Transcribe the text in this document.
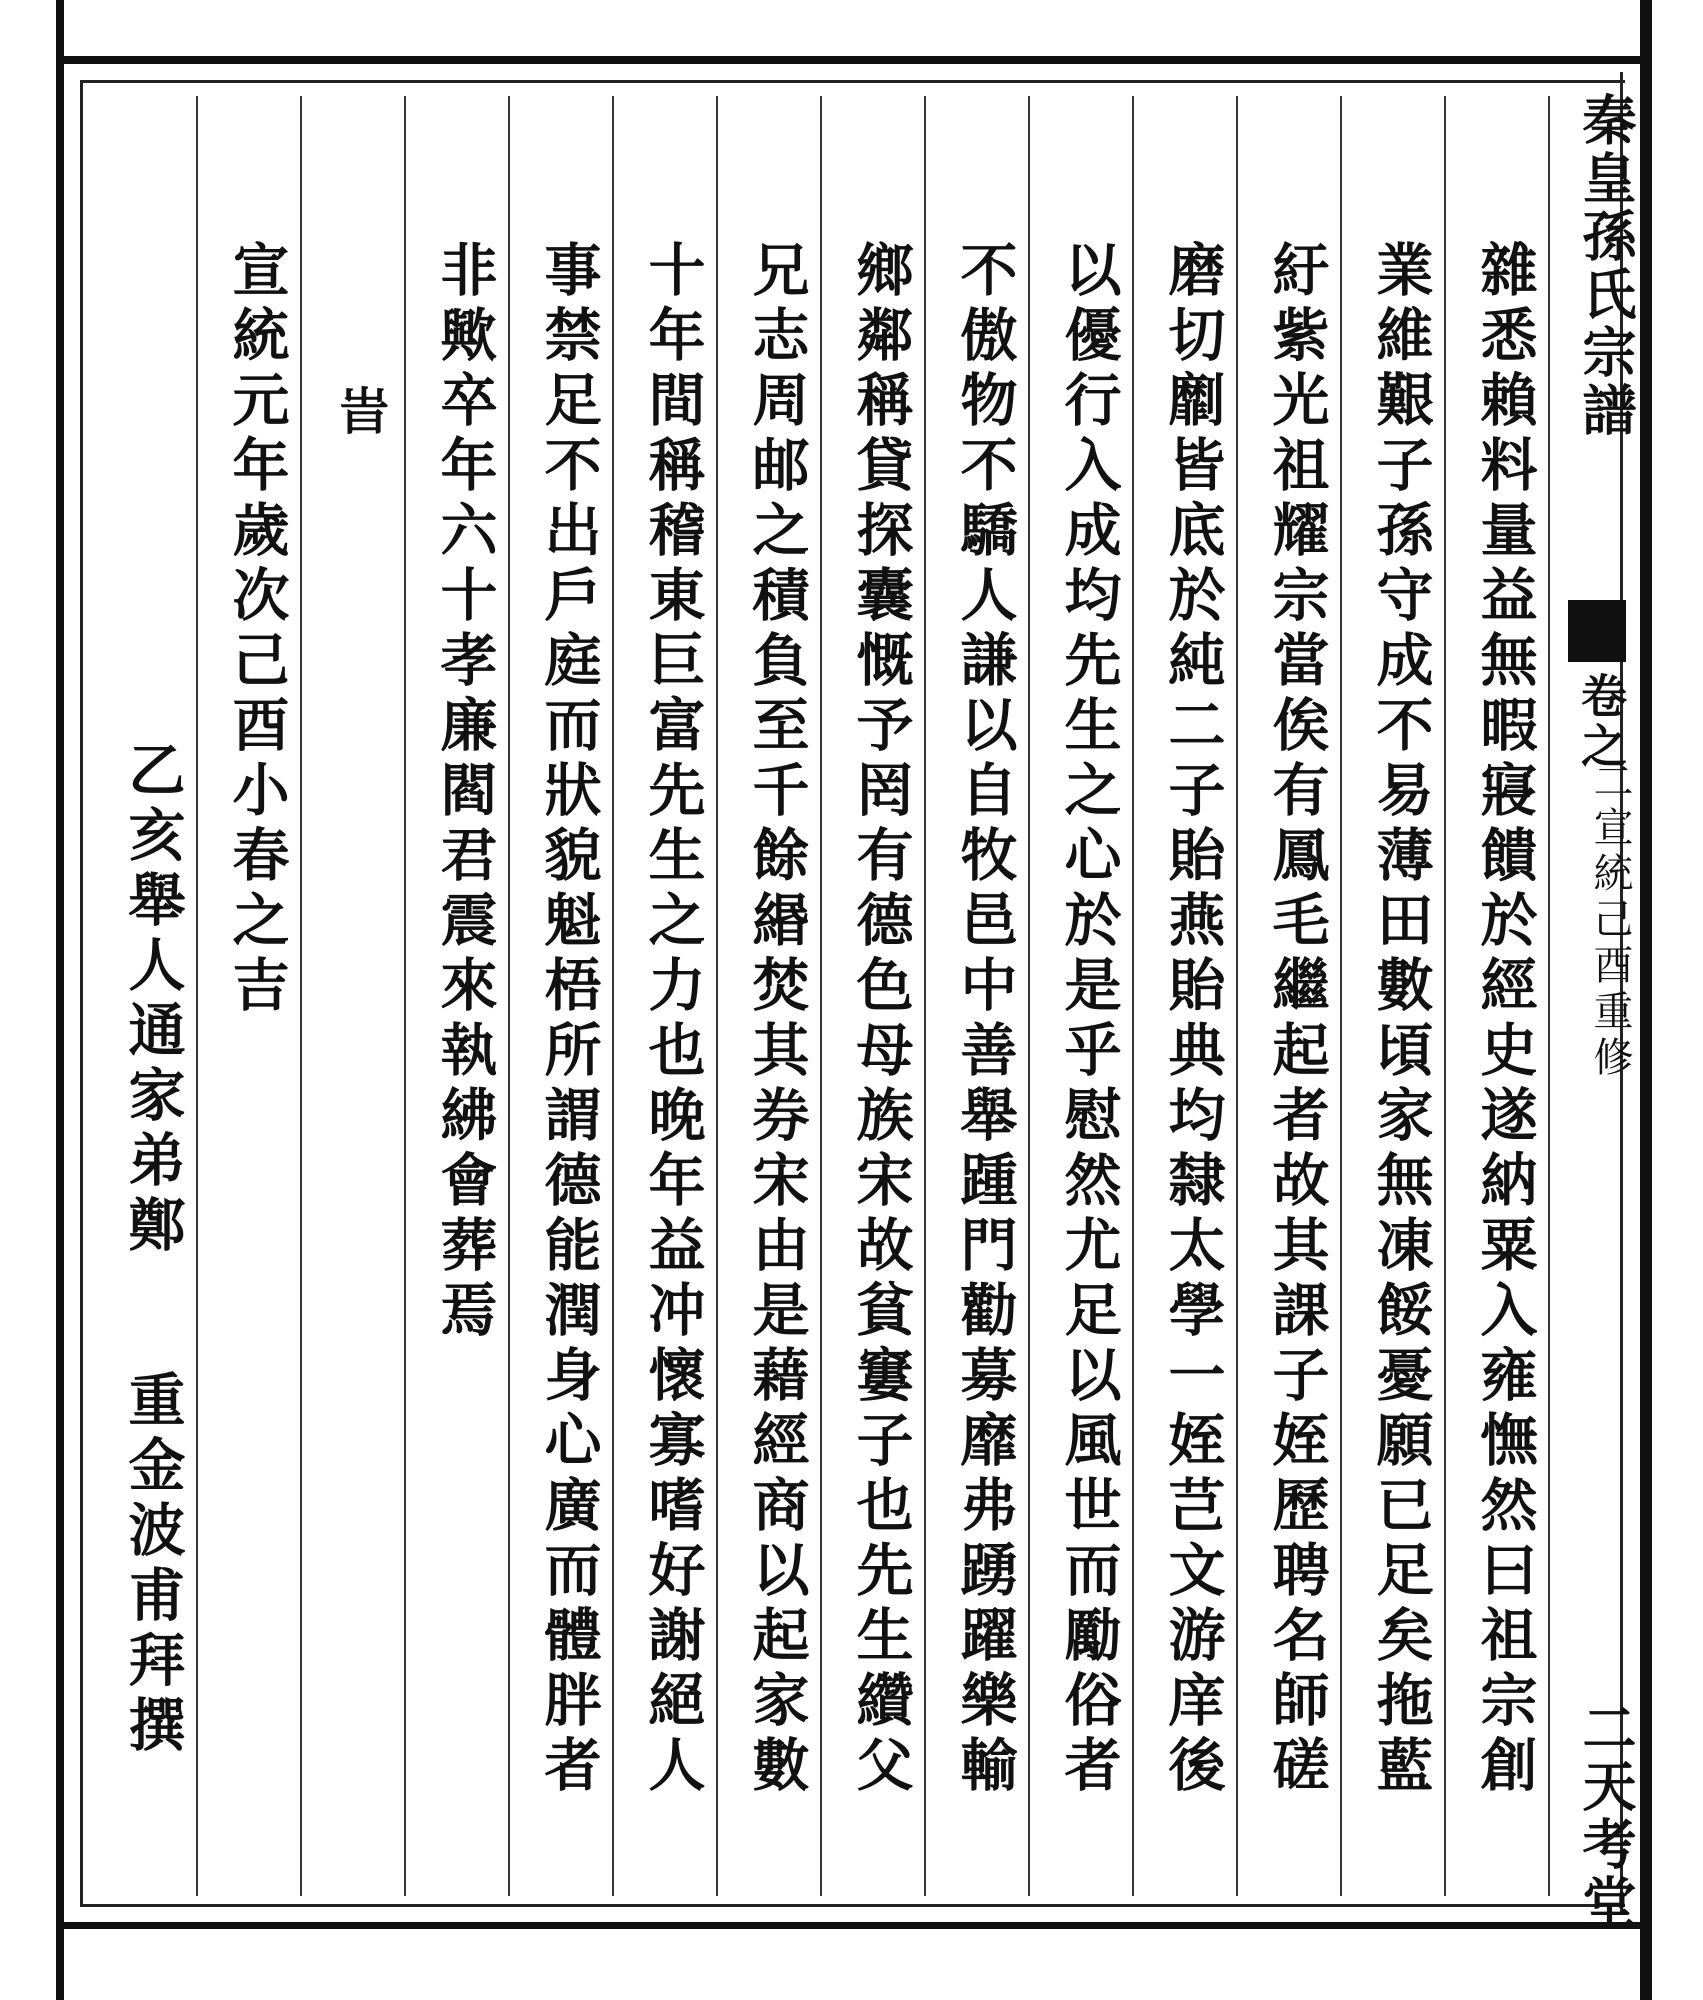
秦皇孫氏宗譜
卷之
二宣統己酉重修
二天考堂
雜悉賴料量益無暇寢饋於經史遂納粟入雍憮然曰祖宗創
業維艱子孫守成不易薄田數頃家無凍餒憂願已足矣拖藍
紆紫光祖耀宗當俟有鳳毛繼起者故其課子姪歷聘名師磋
磨切劘皆底於純二子貽燕貽典均隸太學一姪芑文游庠後
以優行入成均先生之心於是乎慰然尤足以風世而勵俗者
不傲物不驕人謙以自牧邑中善舉踵門勸募靡弗踴躍樂輸
鄉鄰稱貸探囊慨予罔有德色母族宋故貧窶子也先生纘父
兄志周邮之積負至千餘緡焚其券宋由是藉經商以起家數
十年間稱稽東巨富先生之力也晚年益冲懷寡嗜好謝絕人
事禁足不出戶庭而狀貌魁梧所謂德能潤身心廣而體胖者
非歟卒年六十孝廉閻君震來執紼會葬焉
旹
宣統元年歲次己酉小春之吉
乙亥舉人通家弟鄭
重金波甫拜撰
